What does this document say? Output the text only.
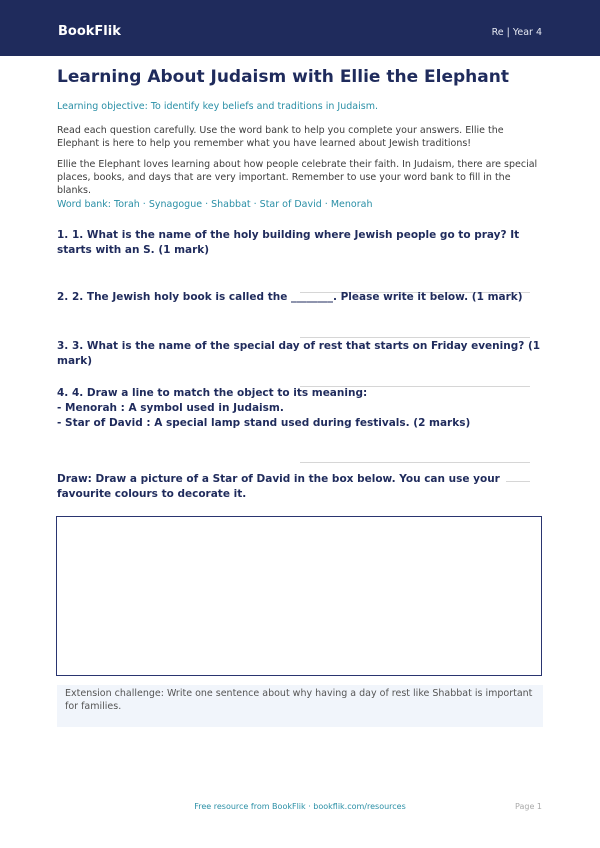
BookFlik	Re | Year 4
Learning About Judaism with Ellie the Elephant
Learning objective: To identify key beliefs and traditions in Judaism.

Read each question carefully. Use the word bank to help you complete your answers. Ellie the Elephant is here to help you remember what you have learned about Jewish traditions!

Ellie the Elephant loves learning about how people celebrate their faith. In Judaism, there are special places, books, and days that are very important. Remember to use your word bank to fill in the blanks.

Word bank: Torah · Synagogue · Shabbat · Star of David · Menorah

1. 1. What is the name of the holy building where Jewish people go to pray? It starts with an S. (1 mark)

2. 2. The Jewish holy book is called the ________. Please write it below. (1 mark)

3. 3. What is the name of the special day of rest that starts on Friday evening? (1 mark)

4. 4. Draw a line to match the object to its meaning:
- Menorah : A symbol used in Judaism.
- Star of David : A special lamp stand used during festivals. (2 marks)

Draw: Draw a picture of a Star of David in the box below. You can use your favourite colours to decorate it.

Extension challenge: Write one sentence about why having a day of rest like Shabbat is important for families.
Free resource from BookFlik · bookflik.com/resources	Page 1
